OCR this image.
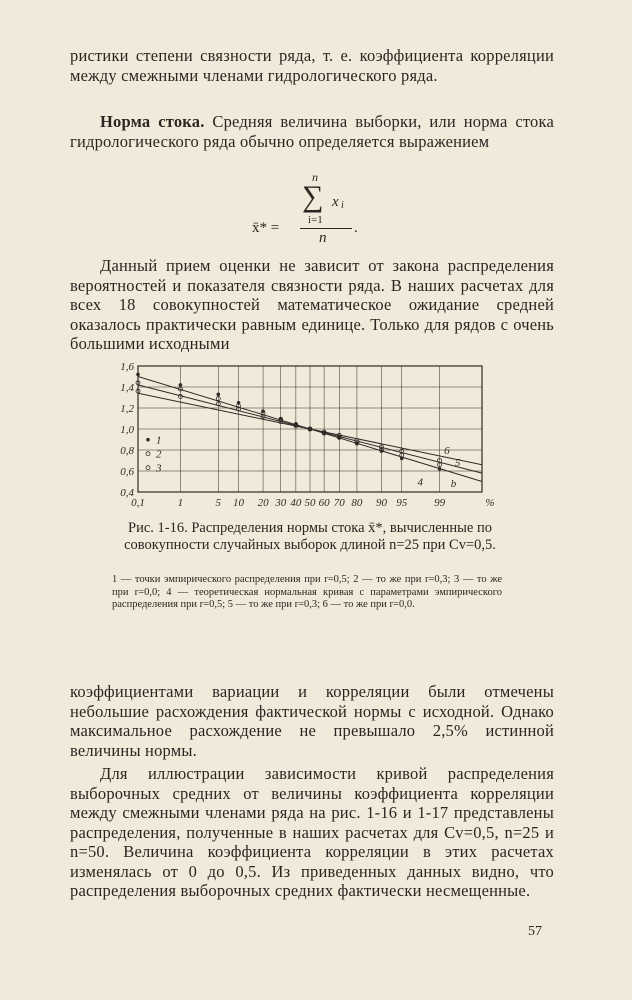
ристики степени связности ряда, т. е. коэффициента корреляции между смежными членами гидрологического ряда.
Норма стока. Средняя величина выборки, или норма стока гидрологического ряда обычно определяется выражением
n
∑ x i
i=1
x̄* =
n
.
Данный прием оценки не зависит от закона распределения вероятностей и показателя связности ряда. В наших расчетах для всех 18 совокупностей математическое ожидание средней оказалось практически равным единице. Только для рядов с очень большими исходными
1,6
1,4
1,2
1,0
0,8
0,6
0,4
0,1	1	5 10 20 30 40 50 60 70 80 90 95 99	%
1
2
3
6
5
4	b
Рис. 1-16. Распределения нормы стока x̄*, вычисленные по совокупности случайных выборок длиной n=25 при Cv=0,5.
1 — точки эмпирического распределения при r=0,5; 2 — то же при r=0,3; 3 — то же при r=0,0; 4 — теоретическая нормальная кривая с параметрами эмпирического распределения при r=0,5; 5 — то же при r=0,3; 6 — то же при r=0,0.
коэффициентами вариации и корреляции были отмечены небольшие расхождения фактической нормы с исходной. Однако максимальное расхождение не превышало 2,5% истинной величины нормы.
Для иллюстрации зависимости кривой распределения выборочных средних от величины коэффициента корреляции между смежными членами ряда на рис. 1-16 и 1-17 представлены распределения, полученные в наших расчетах для Cv=0,5, n=25 и n=50. Величина коэффициента корреляции в этих расчетах изменялась от 0 до 0,5. Из приведенных данных видно, что распределения выборочных средних фактически несмещенные.
57
